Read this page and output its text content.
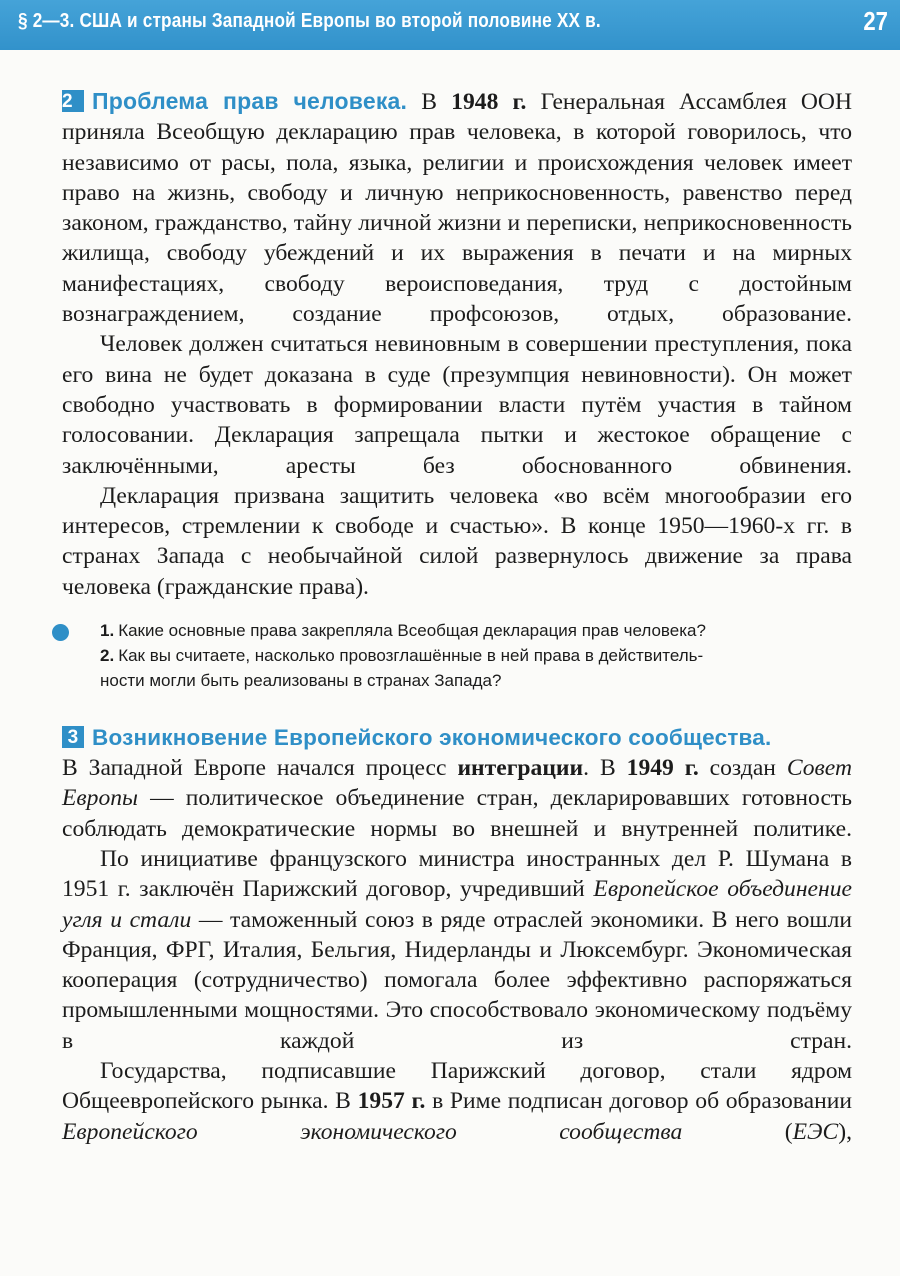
§ 2—3. США и страны Западной Европы во второй половине XX в.	27

2 Проблема прав человека. В 1948 г. Генеральная Ассамблея ООН приняла Всеобщую декларацию прав человека, в которой говорилось, что независимо от расы, пола, языка, религии и происхождения человек имеет право на жизнь, свободу и личную неприкосновенность, равенство перед законом, гражданство, тайну личной жизни и переписки, неприкосновенность жилища, свободу убеждений и их выражения в печати и на мирных манифестациях, свободу вероисповедания, труд с достойным вознаграждением, создание профсоюзов, отдых, образование.

Человек должен считаться невиновным в совершении преступления, пока его вина не будет доказана в суде (презумпция невиновности). Он может свободно участвовать в формировании власти путём участия в тайном голосовании. Декларация запрещала пытки и жестокое обращение с заключёнными, аресты без обоснованного обвинения.

Декларация призвана защитить человека «во всём многообразии его интересов, стремлении к свободе и счастью». В конце 1950—1960-х гг. в странах Запада с необычайной силой развернулось движение за права человека (гражданские права).

1. Какие основные права закрепляла Всеобщая декларация прав человека?
2. Как вы считаете, насколько провозглашённые в ней права в действитель-
ности могли быть реализованы в странах Запада?
3 Возникновение Европейского экономического сообщества.

В Западной Европе начался процесс интеграции. В 1949 г. создан Совет Европы — политическое объединение стран, декларировавших готовность соблюдать демократические нормы во внешней и внутренней политике.

По инициативе французского министра иностранных дел Р. Шумана в 1951 г. заключён Парижский договор, учредивший Европейское объединение угля и стали — таможенный союз в ряде отраслей экономики. В него вошли Франция, ФРГ, Италия, Бельгия, Нидерланды и Люксембург. Экономическая кооперация (сотрудничество) помогала более эффективно распоряжаться промышленными мощностями. Это способствовало экономическому подъёму в каждой из стран.

Государства, подписавшие Парижский договор, стали ядром Общеевропейского рынка. В 1957 г. в Риме подписан договор об образовании Европейского экономического сообщества (ЕЭС),
